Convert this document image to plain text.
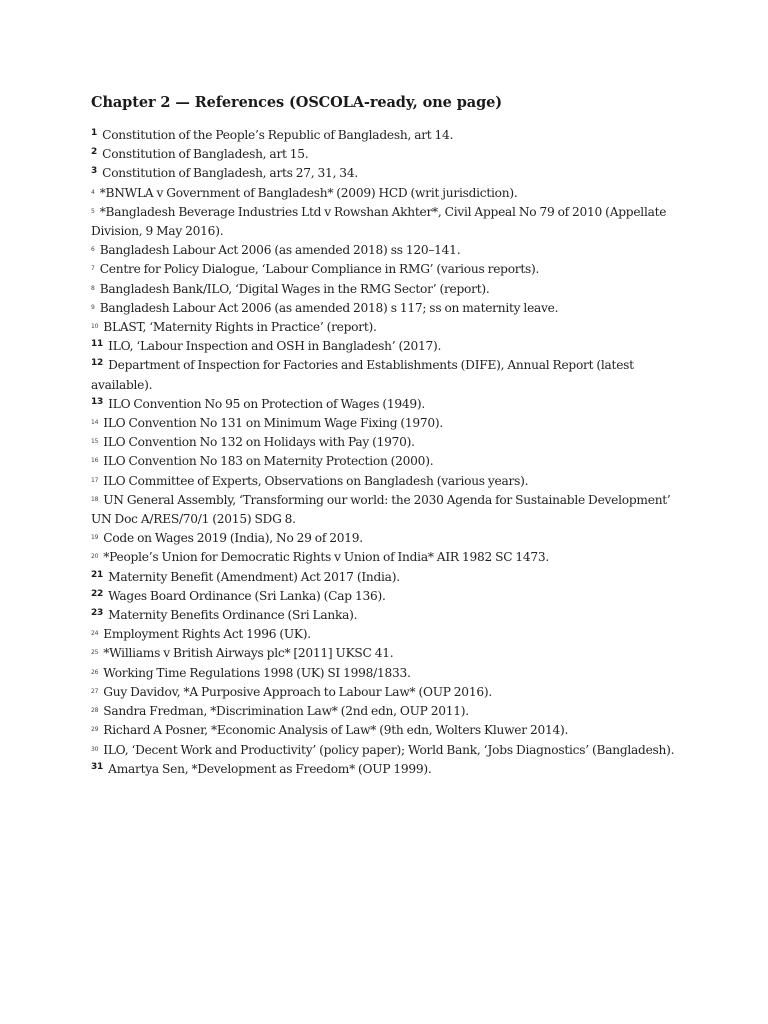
Chapter 2 — References (OSCOLA-ready, one page)
$^1$ Constitution of the People’s Republic of Bangladesh, art 14.
$^2$ Constitution of Bangladesh, art 15.
$^3$ Constitution of Bangladesh, arts 27, 31, 34.
$^4$ *BNWLA v Government of Bangladesh* (2009) HCD (writ jurisdiction).
$^5$ *Bangladesh Beverage Industries Ltd v Rowshan Akhter*, Civil Appeal No 79 of 2010 (Appellate Division, 9 May 2016).
$^6$ Bangladesh Labour Act 2006 (as amended 2018) ss 120–141.
$^7$ Centre for Policy Dialogue, ‘Labour Compliance in RMG’ (various reports).
$^8$ Bangladesh Bank/ILO, ‘Digital Wages in the RMG Sector’ (report).
$^9$ Bangladesh Labour Act 2006 (as amended 2018) s 117; ss on maternity leave.
$^{10}$ BLAST, ‘Maternity Rights in Practice’ (report).
$^{11}$ ILO, ‘Labour Inspection and OSH in Bangladesh’ (2017).
$^{12}$ Department of Inspection for Factories and Establishments (DIFE), Annual Report (latest available).
$^{13}$ ILO Convention No 95 on Protection of Wages (1949).
$^{14}$ ILO Convention No 131 on Minimum Wage Fixing (1970).
$^{15}$ ILO Convention No 132 on Holidays with Pay (1970).
$^{16}$ ILO Convention No 183 on Maternity Protection (2000).
$^{17}$ ILO Committee of Experts, Observations on Bangladesh (various years).
$^{18}$ UN General Assembly, ‘Transforming our world: the 2030 Agenda for Sustainable Development’ UN Doc A/RES/70/1 (2015) SDG 8.
$^{19}$ Code on Wages 2019 (India), No 29 of 2019.
$^{20}$ *People’s Union for Democratic Rights v Union of India* AIR 1982 SC 1473.
$^{21}$ Maternity Benefit (Amendment) Act 2017 (India).
$^{22}$ Wages Board Ordinance (Sri Lanka) (Cap 136).
$^{23}$ Maternity Benefits Ordinance (Sri Lanka).
$^{24}$ Employment Rights Act 1996 (UK).
$^{25}$ *Williams v British Airways plc* [2011] UKSC 41.
$^{26}$ Working Time Regulations 1998 (UK) SI 1998/1833.
$^{27}$ Guy Davidov, *A Purposive Approach to Labour Law* (OUP 2016).
$^{28}$ Sandra Fredman, *Discrimination Law* (2nd edn, OUP 2011).
$^{29}$ Richard A Posner, *Economic Analysis of Law* (9th edn, Wolters Kluwer 2014).
$^{30}$ ILO, ‘Decent Work and Productivity’ (policy paper); World Bank, ‘Jobs Diagnostics’ (Bangladesh).
$^{31}$ Amartya Sen, *Development as Freedom* (OUP 1999).
